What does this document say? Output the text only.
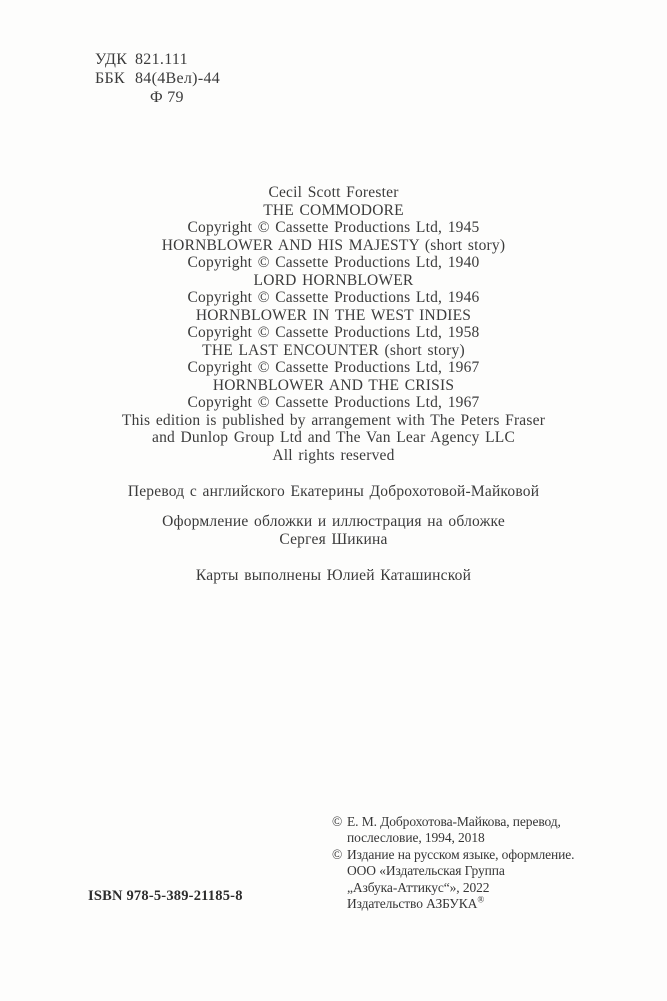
УДК 821.111
ББК 84(4Вел)-44
Ф 79
Cecil Scott Forester
THE COMMODORE
Copyright © Cassette Productions Ltd, 1945
HORNBLOWER AND HIS MAJESTY (short story)
Copyright © Cassette Productions Ltd, 1940
LORD HORNBLOWER
Copyright © Cassette Productions Ltd, 1946
HORNBLOWER IN THE WEST INDIES
Copyright © Cassette Productions Ltd, 1958
THE LAST ENCOUNTER (short story)
Copyright © Cassette Productions Ltd, 1967
HORNBLOWER AND THE CRISIS
Copyright © Cassette Productions Ltd, 1967
This edition is published by arrangement with The Peters Fraser
and Dunlop Group Ltd and The Van Lear Agency LLC
All rights reserved
Перевод с английского Екатерины Доброхотовой-Майковой
Оформление обложки и иллюстрация на обложке
Сергея Шикина
Карты выполнены Юлией Каташинской
ISBN 978-5-389-21185-8
© Е. М. Доброхотова-Майкова, перевод,
послесловие, 1994, 2018
© Издание на русском языке, оформление.
ООО «Издательская Группа
„Азбука-Аттикус“», 2022
Издательство АЗБУКА®
